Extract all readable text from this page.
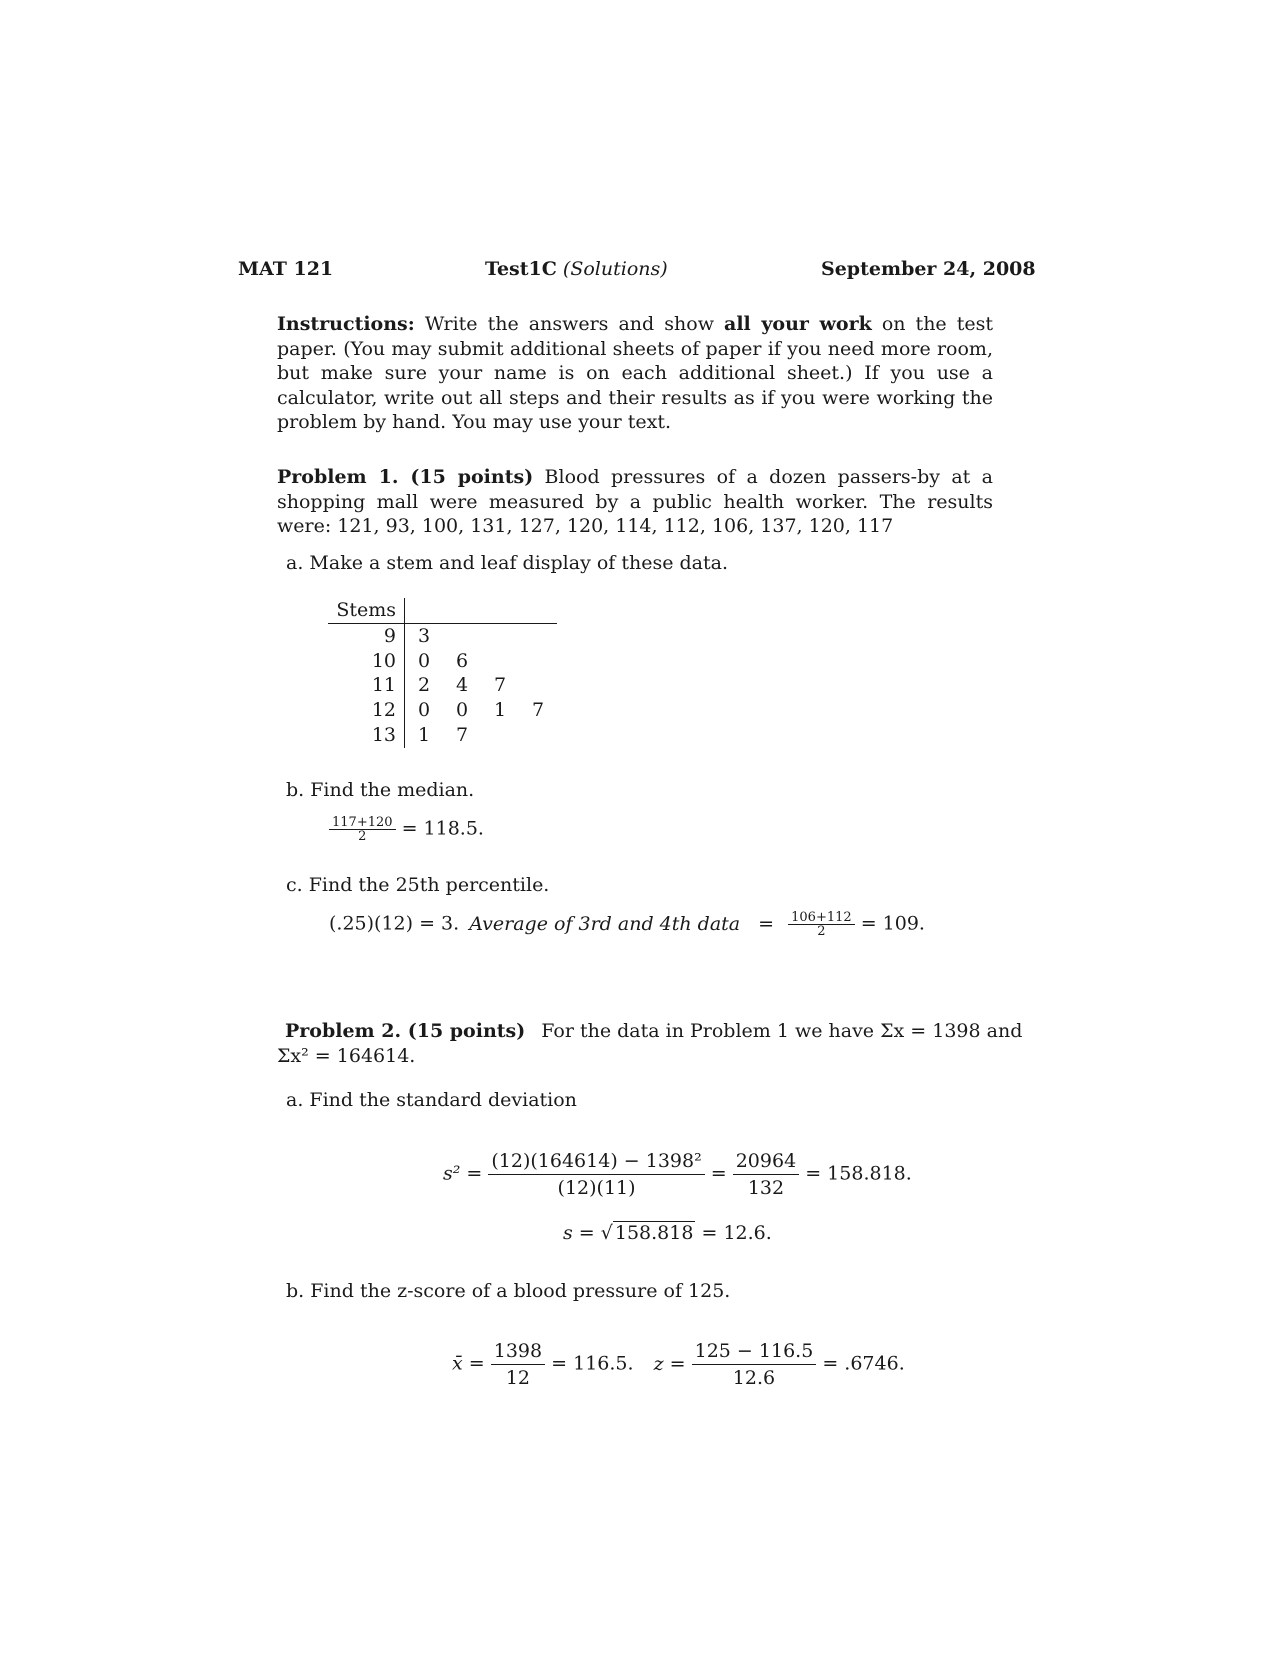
MAT 121	Test1C (Solutions)	September 24, 2008
Instructions: Write the answers and show all your work on the test paper. (You may submit additional sheets of paper if you need more room, but make sure your name is on each additional sheet.) If you use a calculator, write out all steps and their results as if you were working the problem by hand. You may use your text.
Problem 1. (15 points) Blood pressures of a dozen passers-by at a shopping mall were measured by a public health worker. The results were: 121, 93, 100, 131, 127, 120, 114, 112, 106, 137, 120, 117
a. Make a stem and leaf display of these data.
Stems				
9	3			
10	0	6		
11	2	4	7	
12	0	0	1	7
13	1	7		
b. Find the median.
$\frac{117+120}{2} = 118.5$.
c. Find the 25th percentile.
(.25)(12) = 3. Average of 3rd and 4th data = $\frac{106+112}{2} = 109$.
Problem 2. (15 points) For the data in Problem 1 we have Σx = 1398 and
Σx² = 164614.
a. Find the standard deviation
$s^2 = \frac{\text{(12)(164614) − 1398²}}{(12)(11)} = \frac{20964}{132} = 158.818$.
s = √ 158.818 = 12.6.
b. Find the z-score of a blood pressure of 125.
x̄ = $\frac{1398}{12} = 116.5$. $z = \frac{125 - 116.5}{12.6} = .6746$.
